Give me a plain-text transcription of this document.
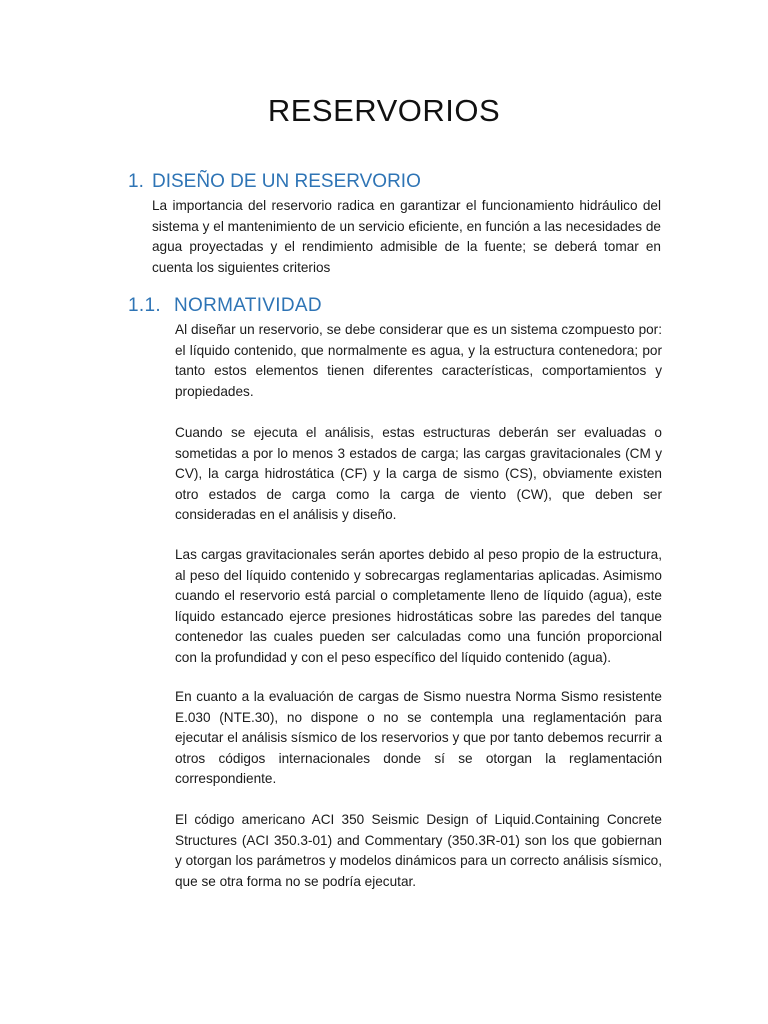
RESERVORIOS
1. DISEÑO DE UN RESERVORIO

La importancia del reservorio radica en garantizar el funcionamiento hidráulico del sistema y el mantenimiento de un servicio eficiente, en función a las necesidades de agua proyectadas y el rendimiento admisible de la fuente; se deberá tomar en cuenta los siguientes criterios

1.1. NORMATIVIDAD

Al diseñar un reservorio, se debe considerar que es un sistema czompuesto por: el líquido contenido, que normalmente es agua, y la estructura contenedora; por tanto estos elementos tienen diferentes características, comportamientos y propiedades.

Cuando se ejecuta el análisis, estas estructuras deberán ser evaluadas o sometidas a por lo menos 3 estados de carga; las cargas gravitacionales (CM y CV), la carga hidrostática (CF) y la carga de sismo (CS), obviamente existen otro estados de carga como la carga de viento (CW), que deben ser consideradas en el análisis y diseño.

Las cargas gravitacionales serán aportes debido al peso propio de la estructura, al peso del líquido contenido y sobrecargas reglamentarias aplicadas. Asimismo cuando el reservorio está parcial o completamente lleno de líquido (agua), este líquido estancado ejerce presiones hidrostáticas sobre las paredes del tanque contenedor las cuales pueden ser calculadas como una función proporcional con la profundidad y con el peso específico del líquido contenido (agua).

En cuanto a la evaluación de cargas de Sismo nuestra Norma Sismo resistente E.030 (NTE.30), no dispone o no se contempla una reglamentación para ejecutar el análisis sísmico de los reservorios y que por tanto debemos recurrir a otros códigos internacionales donde sí se otorgan la reglamentación correspondiente.

El código americano ACI 350 Seismic Design of Liquid.Containing Concrete Structures (ACI 350.3-01) and Commentary (350.3R-01) son los que gobiernan y otorgan los parámetros y modelos dinámicos para un correcto análisis sísmico, que se otra forma no se podría ejecutar.
